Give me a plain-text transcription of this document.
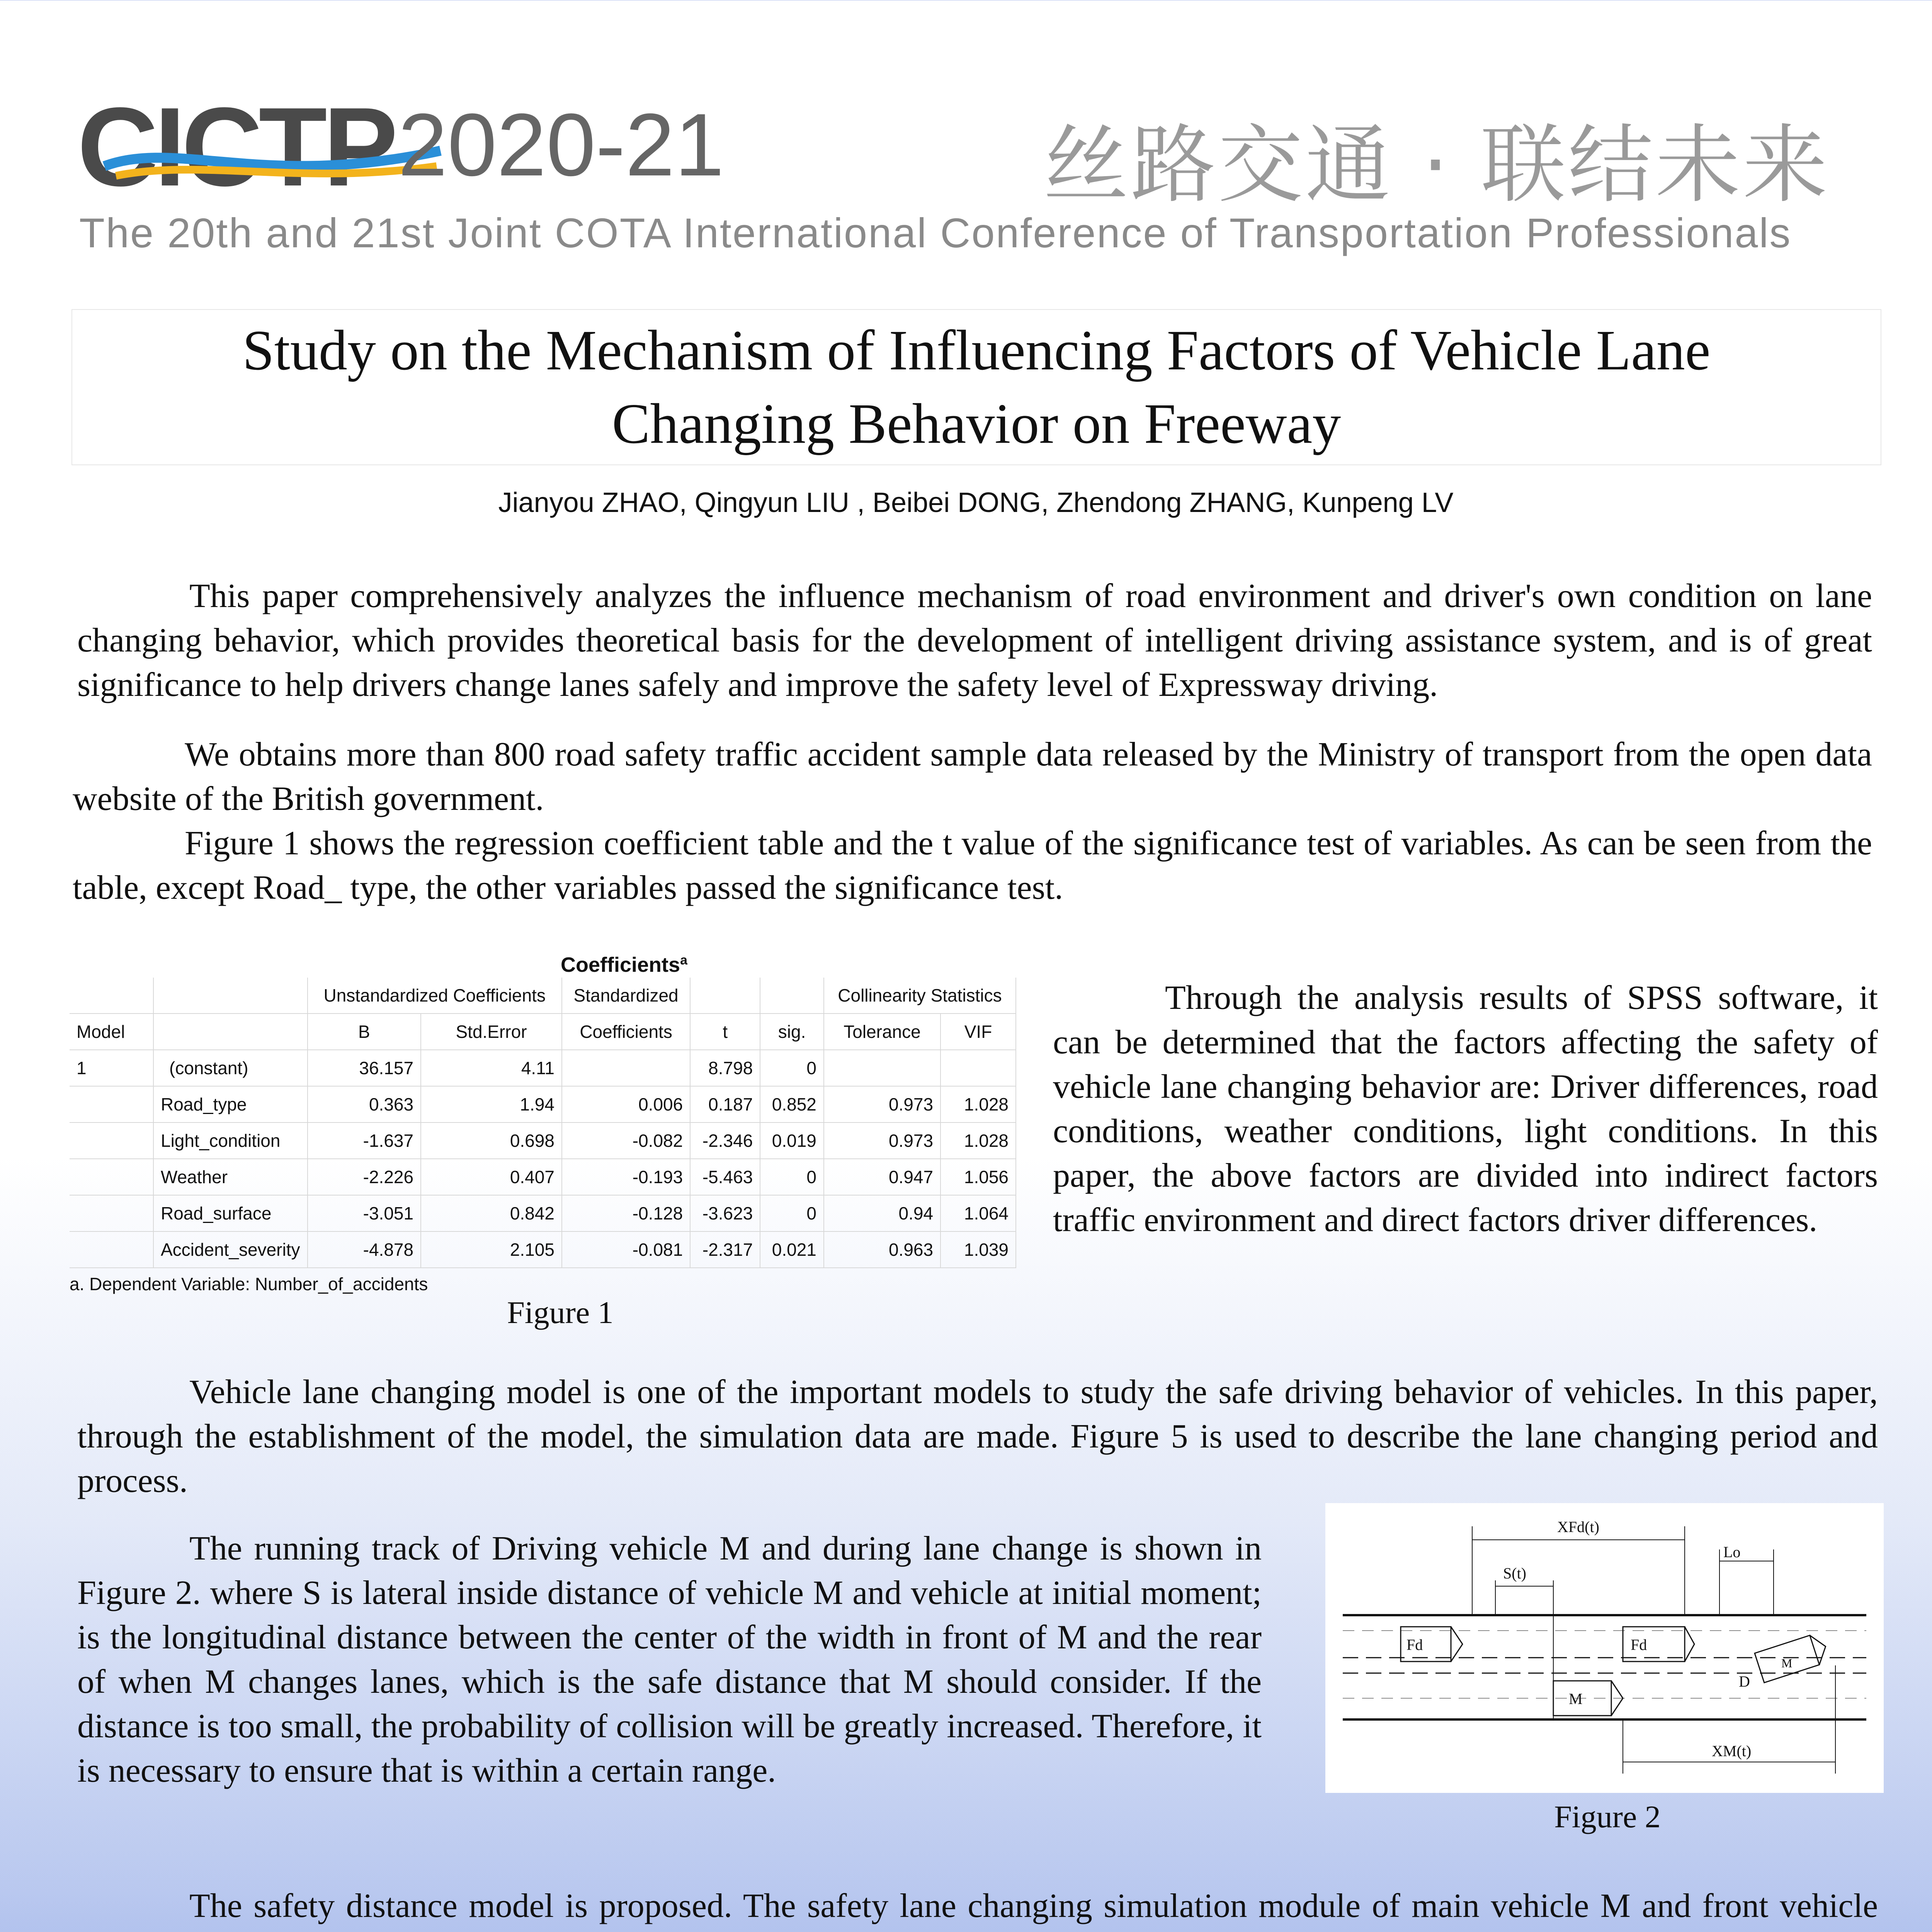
CICTP 2020-21	丝路交通 · 联结未来
The 20th and 21st Joint COTA International Conference of Transportation Professionals
Study on the Mechanism of Influencing Factors of Vehicle Lane
Changing Behavior on Freeway
Jianyou ZHAO, Qingyun LIU , Beibei DONG, Zhendong ZHANG, Kunpeng LV

This paper comprehensively analyzes the influence mechanism of road environment and driver's own condition on lane changing behavior, which provides theoretical basis for the development of intelligent driving assistance system, and is of great significance to help drivers change lanes safely and improve the safety level of Expressway driving.

We obtains more than 800 road safety traffic accident sample data released by the Ministry of transport from the open data website of the British government.

Figure 1 shows the regression coefficient table and the t value of the significance test of variables. As can be seen from the table, except Road_ type, the other variables passed the significance test.

Coefficients$^a$
		Unstandardized Coefficients		Standardized			Collinearity Statistics	
Model		B	Std.Error	Coefficients	t	sig.	Tolerance	VIF
1	(constant)	36.157	4.11		8.798	0		
	Road_type	0.363	1.94	0.006	0.187	0.852	0.973	1.028
	Light_condition	-1.637	0.698	-0.082	-2.346	0.019	0.973	1.028
	Weather	-2.226	0.407	-0.193	-5.463	0	0.947	1.056
	Road_surface	-3.051	0.842	-0.128	-3.623	0	0.94	1.064
	Accident_severity	-4.878	2.105	-0.081	-2.317	0.021	0.963	1.039
a. Dependent Variable: Number_of_accidents
Figure 1

Through the analysis results of SPSS software, it can be determined that the factors affecting the safety of vehicle lane changing behavior are: Driver differences, road conditions, weather conditions, light conditions. In this paper, the above factors are divided into indirect factors traffic environment and direct factors driver differences.

Vehicle lane changing model is one of the important models to study the safe driving behavior of vehicles. In this paper, through the establishment of the model, the simulation data are made. Figure 5 is used to describe the lane changing period and process.

The running track of Driving vehicle M and during lane change is shown in Figure 2. where S is lateral inside distance of vehicle M and vehicle at initial moment; is the longitudinal distance between the center of the width in front of M and the rear of when M changes lanes, which is the safe distance that M should consider. If the distance is too small, the probability of collision will be greatly increased. Therefore, it is necessary to ensure that is within a certain range.

XFd(t)
S(t)
Lo
Fd	Fd
D
M
M
XM(t)
Figure 2

The safety distance model is proposed. The safety lane changing simulation module of main vehicle M and front vehicle
